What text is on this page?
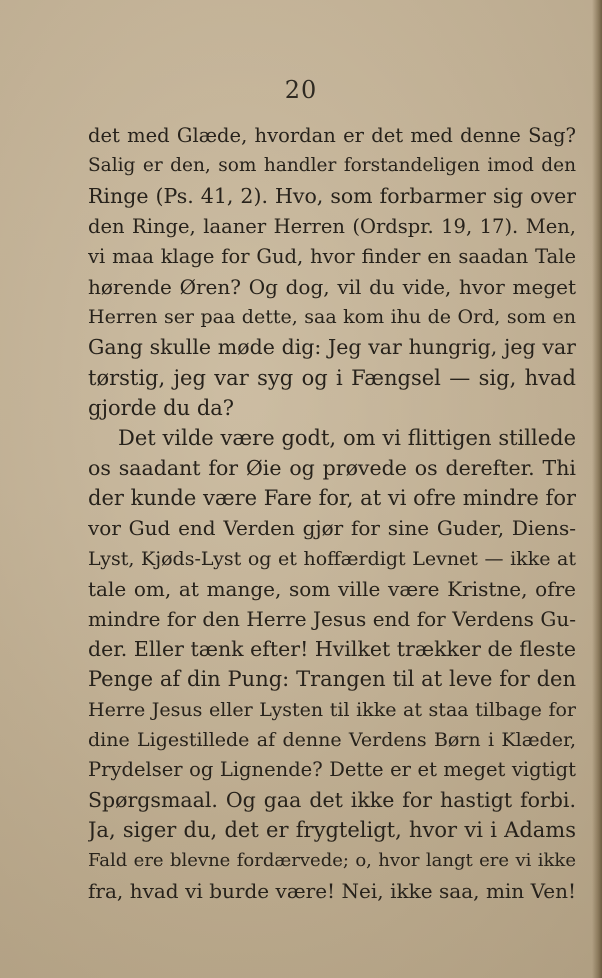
20
det med Glæde, hvordan er det med denne Sag?
Salig er den, som handler forstandeligen imod den
Ringe (Ps. 41, 2). Hvo, som forbarmer sig over
den Ringe, laaner Herren (Ordspr. 19, 17). Men,
vi maa klage for Gud, hvor finder en saadan Tale
hørende Øren? Og dog, vil du vide, hvor meget
Herren ser paa dette, saa kom ihu de Ord, som en
Gang skulle møde dig: Jeg var hungrig, jeg var
tørstig, jeg var syg og i Fængsel — sig, hvad
gjorde du da?
Det vilde være godt, om vi flittigen stillede
os saadant for Øie og prøvede os derefter. Thi
der kunde være Fare for, at vi ofre mindre for
vor Gud end Verden gjør for sine Guder, Diens-
Lyst, Kjøds-Lyst og et hoffærdigt Levnet — ikke at
tale om, at mange, som ville være Kristne, ofre
mindre for den Herre Jesus end for Verdens Gu-
der. Eller tænk efter! Hvilket trækker de fleste
Penge af din Pung: Trangen til at leve for den
Herre Jesus eller Lysten til ikke at staa tilbage for
dine Ligestillede af denne Verdens Børn i Klæder,
Prydelser og Lignende? Dette er et meget vigtigt
Spørgsmaal. Og gaa det ikke for hastigt forbi.
Ja, siger du, det er frygteligt, hvor vi i Adams
Fald ere blevne fordærvede; o, hvor langt ere vi ikke
fra, hvad vi burde være! Nei, ikke saa, min Ven!
